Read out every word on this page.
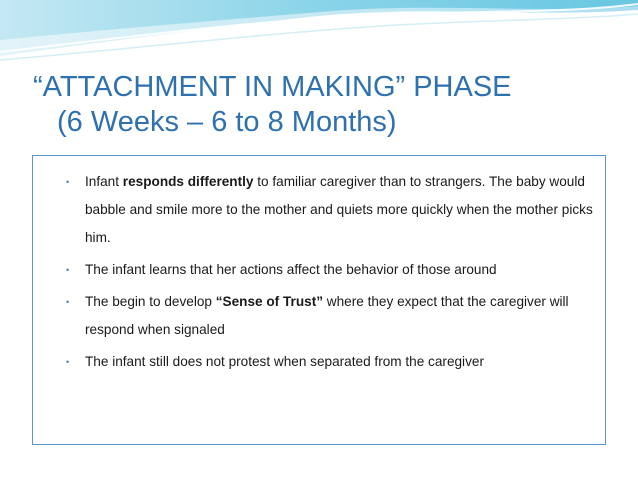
“ATTACHMENT IN MAKING” PHASE
(6 Weeks – 6 to 8 Months)
• Infant responds differently to familiar caregiver than to strangers. The baby would babble and smile more to the mother and quiets more quickly when the mother picks him.
• The infant learns that her actions affect the behavior of those around
• The begin to develop “Sense of Trust” where they expect that the caregiver will respond when signaled
• The infant still does not protest when separated from the caregiver
